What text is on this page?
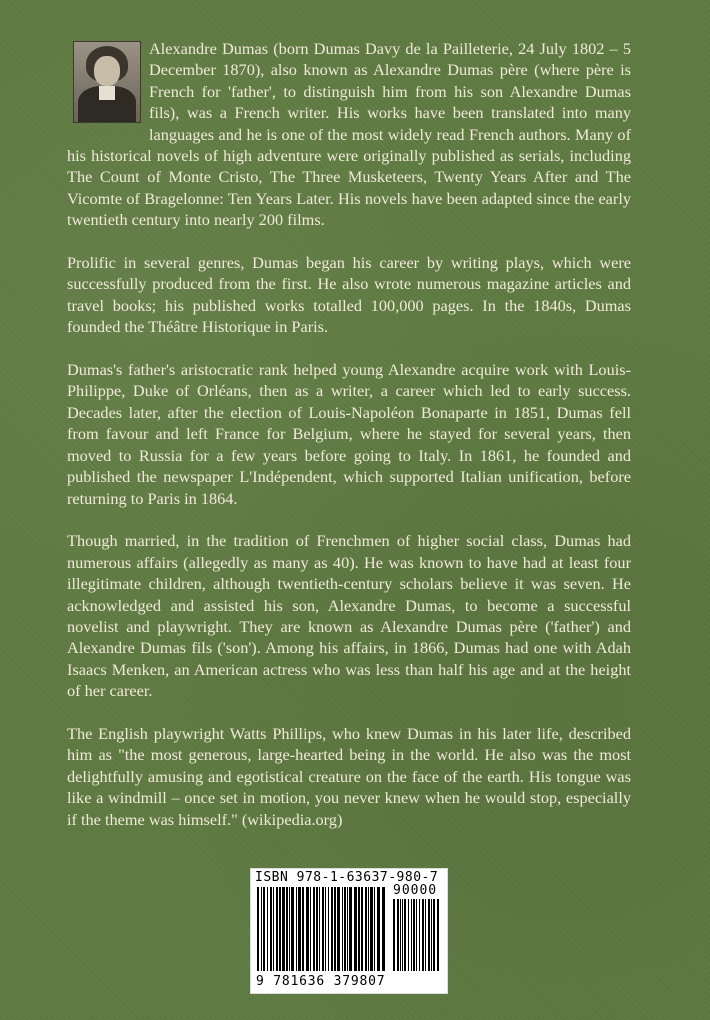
Alexandre Dumas (born Dumas Davy de la Pailleterie, 24 July 1802 – 5 December 1870), also known as Alexandre Dumas père (where père is French for 'father', to distinguish him from his son Alexandre Dumas fils), was a French writer. His works have been translated into many languages and he is one of the most widely read French authors. Many of his historical novels of high adventure were originally published as serials, including The Count of Monte Cristo, The Three Musketeers, Twenty Years After and The Vicomte of Bragelonne: Ten Years Later. His novels have been adapted since the early twentieth century into nearly 200 films.

Prolific in several genres, Dumas began his career by writing plays, which were successfully produced from the first. He also wrote numerous magazine articles and travel books; his published works totalled 100,000 pages. In the 1840s, Dumas founded the Théâtre Historique in Paris.

Dumas's father's aristocratic rank helped young Alexandre acquire work with Louis-Philippe, Duke of Orléans, then as a writer, a career which led to early success. Decades later, after the election of Louis-Napoléon Bonaparte in 1851, Dumas fell from favour and left France for Belgium, where he stayed for several years, then moved to Russia for a few years before going to Italy. In 1861, he founded and published the newspaper L'Indépendent, which supported Italian unification, before returning to Paris in 1864.

Though married, in the tradition of Frenchmen of higher social class, Dumas had numerous affairs (allegedly as many as 40). He was known to have had at least four illegitimate children, although twentieth-century scholars believe it was seven. He acknowledged and assisted his son, Alexandre Dumas, to become a successful novelist and playwright. They are known as Alexandre Dumas père ('father') and Alexandre Dumas fils ('son'). Among his affairs, in 1866, Dumas had one with Adah Isaacs Menken, an American actress who was less than half his age and at the height of her career.

The English playwright Watts Phillips, who knew Dumas in his later life, described him as "the most generous, large-hearted being in the world. He also was the most delightfully amusing and egotistical creature on the face of the earth. His tongue was like a windmill – once set in motion, you never knew when he would stop, especially if the theme was himself." (wikipedia.org)

ISBN 978-1-63637-980-7
90000
9 781636 379807
